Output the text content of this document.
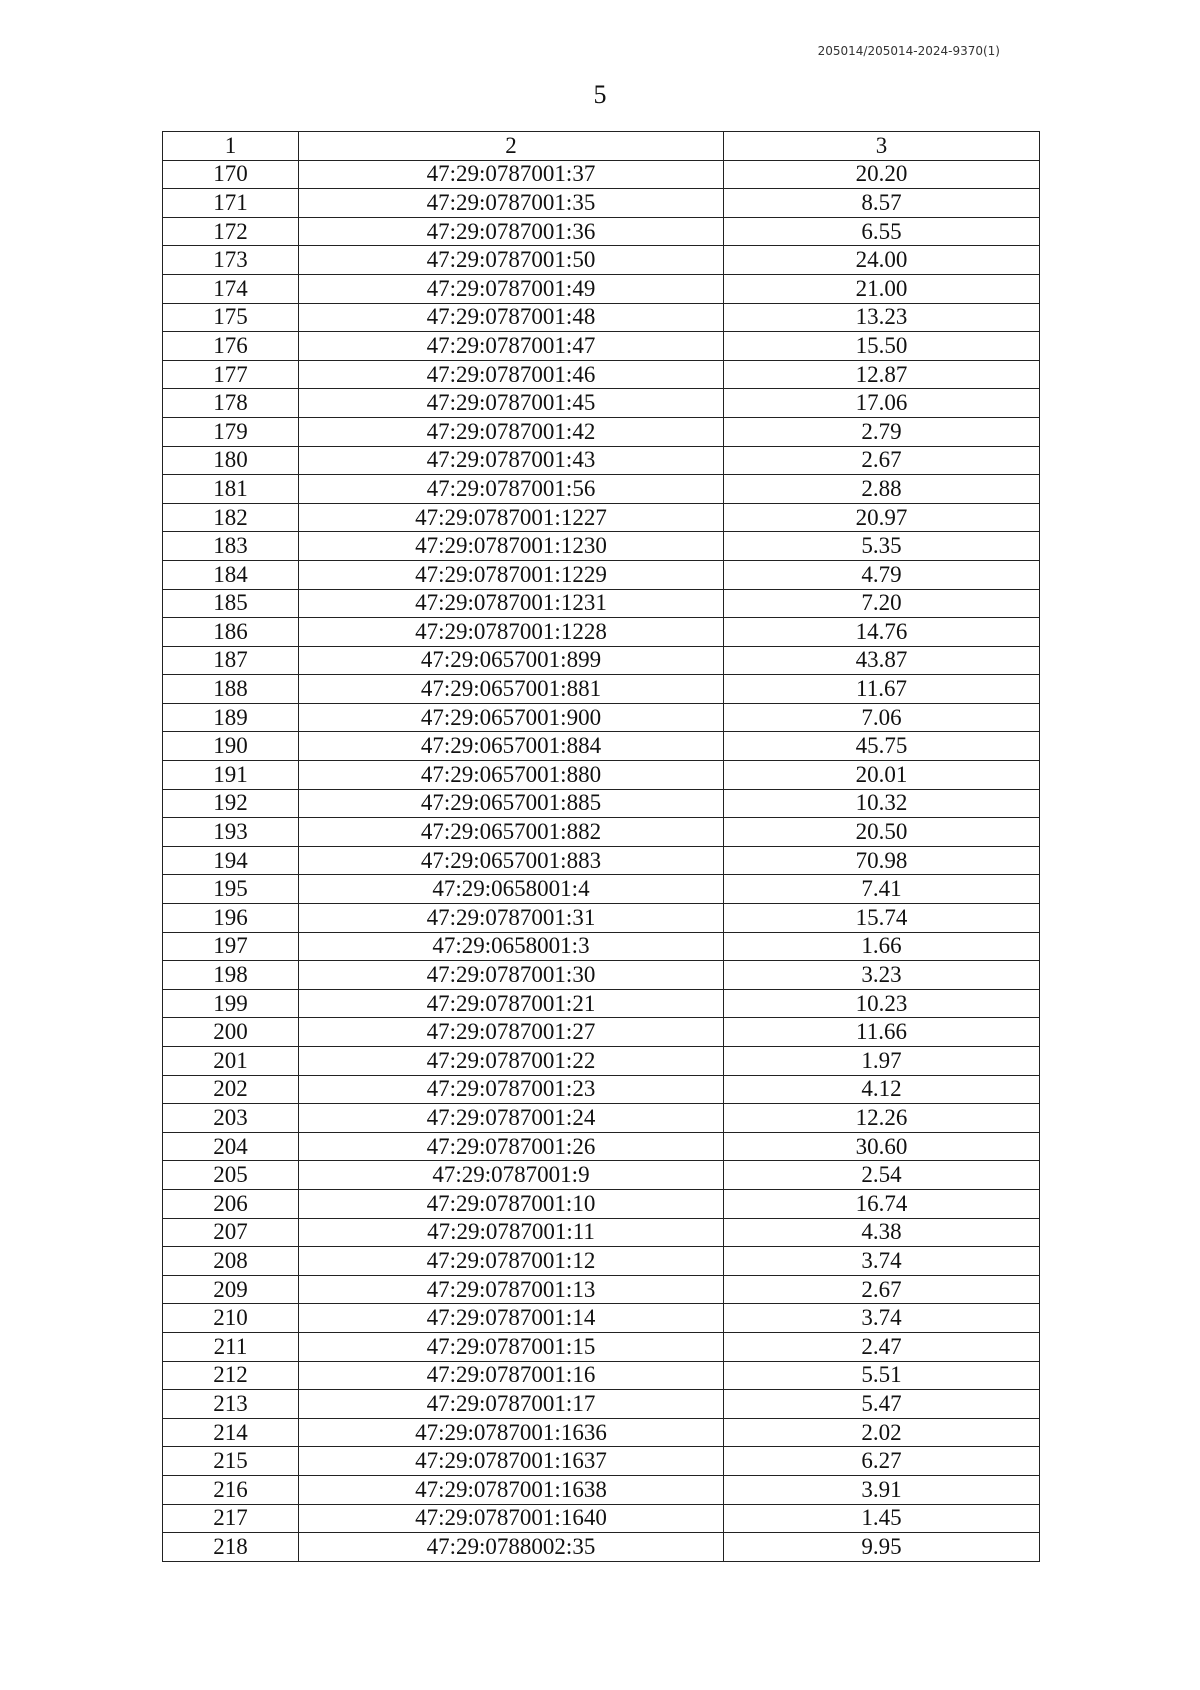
205014/205014-2024-9370(1)
5
1	2	3
170	47:29:0787001:37	20.20
171	47:29:0787001:35	8.57
172	47:29:0787001:36	6.55
173	47:29:0787001:50	24.00
174	47:29:0787001:49	21.00
175	47:29:0787001:48	13.23
176	47:29:0787001:47	15.50
177	47:29:0787001:46	12.87
178	47:29:0787001:45	17.06
179	47:29:0787001:42	2.79
180	47:29:0787001:43	2.67
181	47:29:0787001:56	2.88
182	47:29:0787001:1227	20.97
183	47:29:0787001:1230	5.35
184	47:29:0787001:1229	4.79
185	47:29:0787001:1231	7.20
186	47:29:0787001:1228	14.76
187	47:29:0657001:899	43.87
188	47:29:0657001:881	11.67
189	47:29:0657001:900	7.06
190	47:29:0657001:884	45.75
191	47:29:0657001:880	20.01
192	47:29:0657001:885	10.32
193	47:29:0657001:882	20.50
194	47:29:0657001:883	70.98
195	47:29:0658001:4	7.41
196	47:29:0787001:31	15.74
197	47:29:0658001:3	1.66
198	47:29:0787001:30	3.23
199	47:29:0787001:21	10.23
200	47:29:0787001:27	11.66
201	47:29:0787001:22	1.97
202	47:29:0787001:23	4.12
203	47:29:0787001:24	12.26
204	47:29:0787001:26	30.60
205	47:29:0787001:9	2.54
206	47:29:0787001:10	16.74
207	47:29:0787001:11	4.38
208	47:29:0787001:12	3.74
209	47:29:0787001:13	2.67
210	47:29:0787001:14	3.74
211	47:29:0787001:15	2.47
212	47:29:0787001:16	5.51
213	47:29:0787001:17	5.47
214	47:29:0787001:1636	2.02
215	47:29:0787001:1637	6.27
216	47:29:0787001:1638	3.91
217	47:29:0787001:1640	1.45
218	47:29:0788002:35	9.95
